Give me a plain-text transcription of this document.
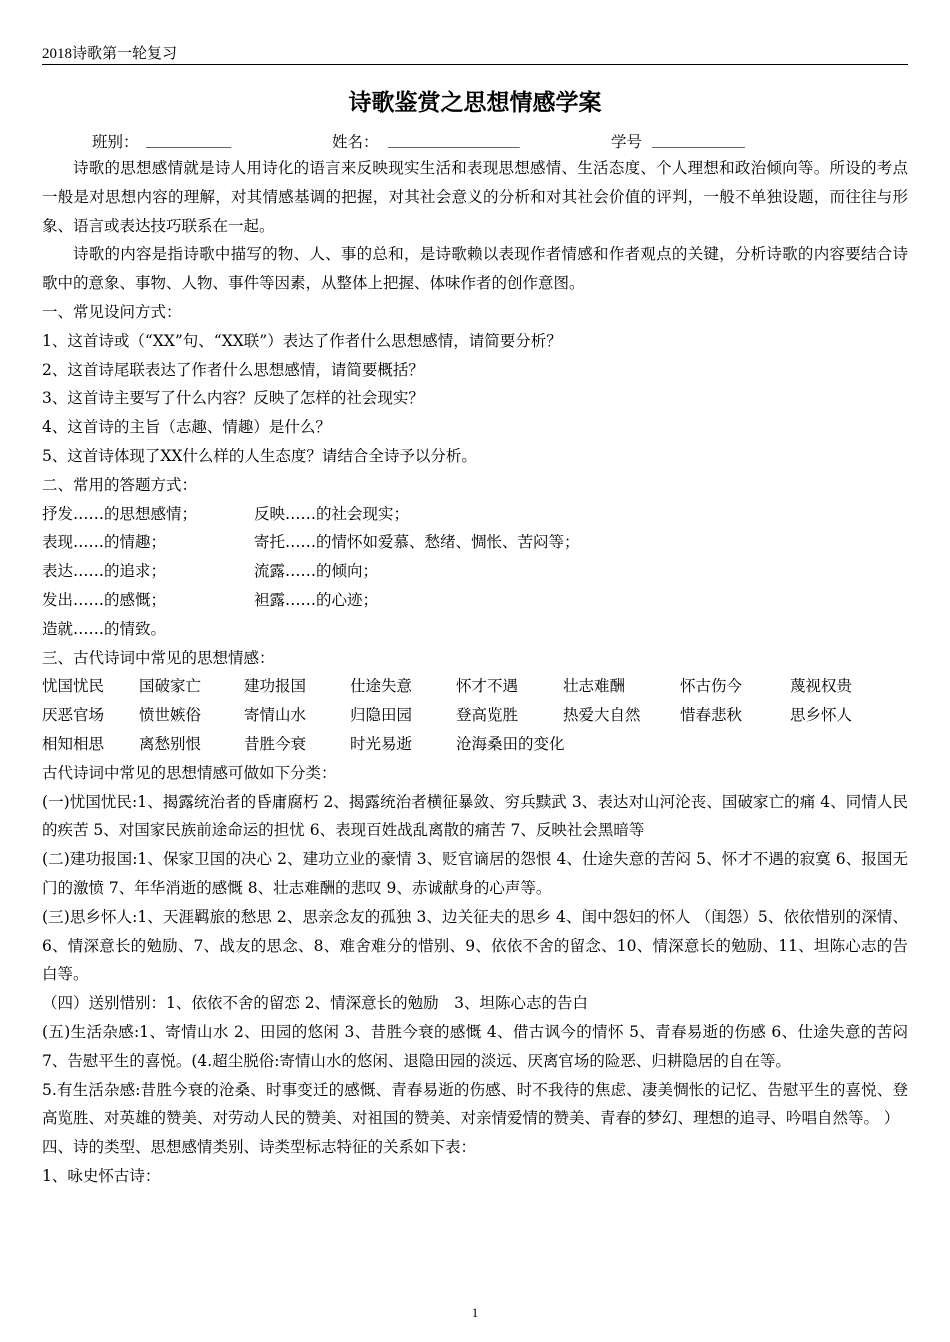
2018诗歌第一轮复习
诗歌鉴赏之思想情感学案
班别： ___________	姓名： _________________	学号 ____________

诗歌的思想感情就是诗人用诗化的语言来反映现实生活和表现思想感情、生活态度、个人理想和政治倾向等。所设的考点一般是对思想内容的理解，对其情感基调的把握，对其社会意义的分析和对其社会价值的评判，一般不单独设题，而往往与形象、语言或表达技巧联系在一起。

诗歌的内容是指诗歌中描写的物、人、事的总和，是诗歌赖以表现作者情感和作者观点的关键，分析诗歌的内容要结合诗歌中的意象、事物、人物、事件等因素，从整体上把握、体味作者的创作意图。

一、常见设问方式：

1、这首诗或（“XX”句、“XX联”）表达了作者什么思想感情，请简要分析？

2、这首诗尾联表达了作者什么思想感情，请简要概括？

3、这首诗主要写了什么内容？反映了怎样的社会现实？

4、这首诗的主旨（志趣、情趣）是什么？

5、这首诗体现了XX什么样的人生态度？请结合全诗予以分析。

二、常用的答题方式：

抒发……的思想感情；	反映……的社会现实；
表现……的情趣；	寄托……的情怀如爱慕、愁绪、惆怅、苦闷等；
表达……的追求；	流露……的倾向；
发出……的感慨；	袒露……的心迹；
造就……的情致。

三、古代诗词中常见的思想情感：

忧国忧民	国破家亡	建功报国	仕途失意	怀才不遇	壮志难酬	怀古伤今	蔑视权贵
厌恶官场	愤世嫉俗	寄情山水	归隐田园	登高览胜	热爱大自然	惜春悲秋	思乡怀人
相知相思	离愁别恨	昔胜今衰	时光易逝	沧海桑田的变化

古代诗词中常见的思想情感可做如下分类：

(一)忧国忧民:1、揭露统治者的昏庸腐朽 2、揭露统治者横征暴敛、穷兵黩武 3、表达对山河沦丧、国破家亡的痛 4、同情人民的疾苦 5、对国家民族前途命运的担忧 6、表现百姓战乱离散的痛苦 7、反映社会黑暗等

(二)建功报国:1、保家卫国的决心 2、建功立业的豪情 3、贬官谪居的怨恨 4、仕途失意的苦闷 5、怀才不遇的寂寞 6、报国无门的激愤 7、年华消逝的感慨 8、壮志难酬的悲叹 9、赤诚献身的心声等。

(三)思乡怀人:1、天涯羁旅的愁思 2、思亲念友的孤独 3、边关征夫的思乡 4、闺中怨妇的怀人 （闺怨）5、依依惜别的深情、6、情深意长的勉励、7、战友的思念、8、难舍难分的惜别、9、依依不舍的留念、10、情深意长的勉励、11、坦陈心志的告白等。

（四）送别惜别：1、依依不舍的留恋 2、情深意长的勉励　3、坦陈心志的告白

(五)生活杂感:1、寄情山水 2、田园的悠闲 3、昔胜今衰的感慨 4、借古讽今的情怀 5、青春易逝的伤感 6、仕途失意的苦闷 7、告慰平生的喜悦。(4.超尘脱俗:寄情山水的悠闲、退隐田园的淡远、厌离官场的险恶、归耕隐居的自在等。

5.有生活杂感:昔胜今衰的沧桑、时事变迁的感慨、青春易逝的伤感、时不我待的焦虑、凄美惆怅的记忆、告慰平生的喜悦、登高览胜、对英雄的赞美、对劳动人民的赞美、对祖国的赞美、对亲情爱情的赞美、青春的梦幻、理想的追寻、吟唱自然等。 ）

四、诗的类型、思想感情类别、诗类型标志特征的关系如下表：

1、咏史怀古诗：

1
